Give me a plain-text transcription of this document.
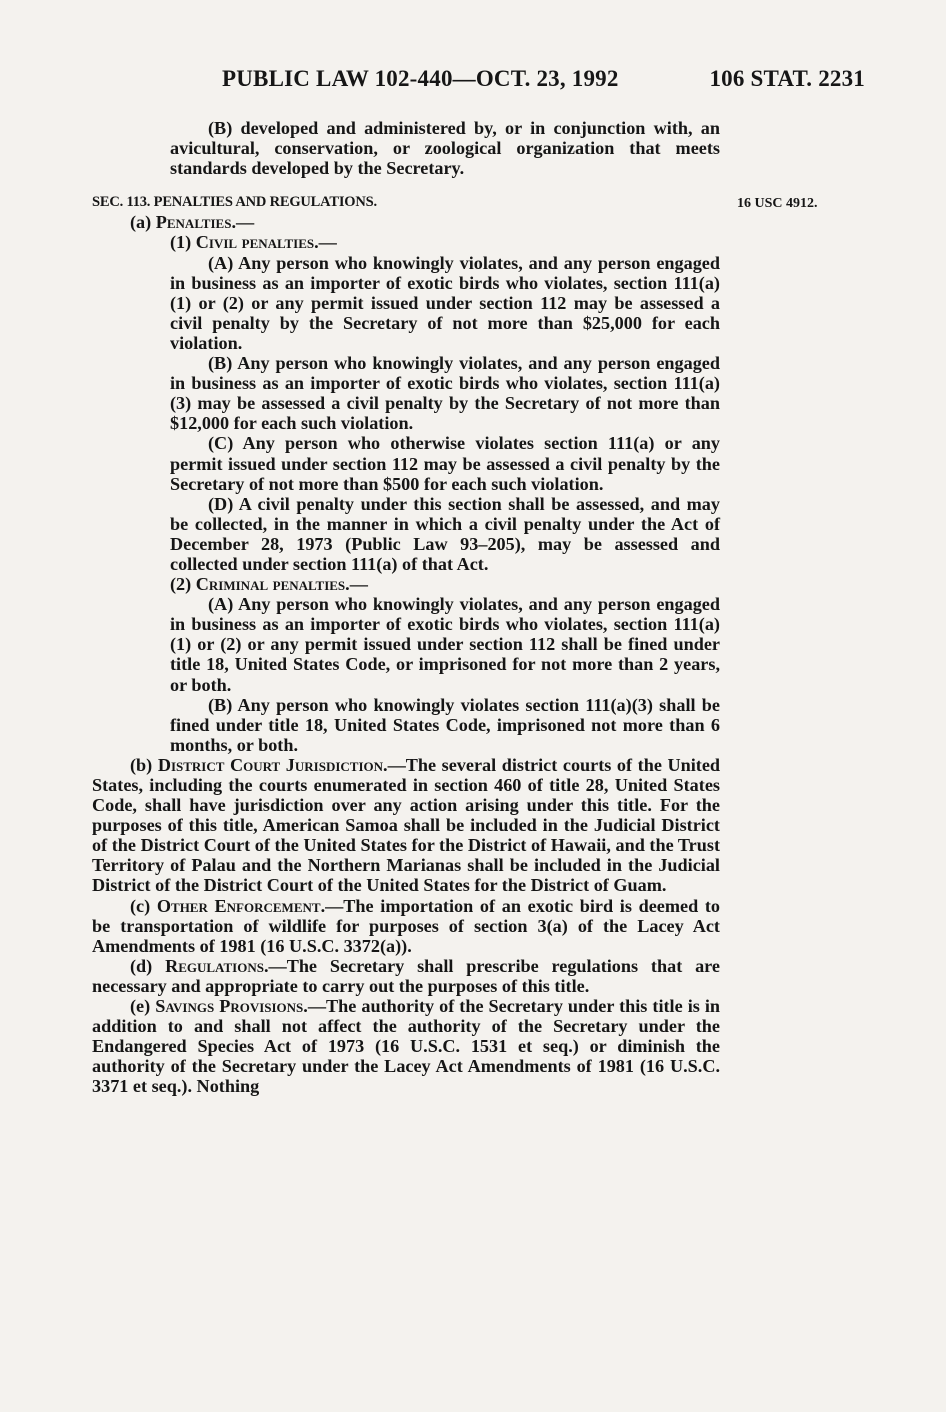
PUBLIC LAW 102-440—OCT. 23, 1992	106 STAT. 2231
16 USC 4912.

(B) developed and administered by, or in conjunction with, an avicultural, conservation, or zoological organization that meets standards developed by the Secretary.

SEC. 113. PENALTIES AND REGULATIONS.

(a) Penalties.—

(1) Civil penalties.—

(A) Any person who knowingly violates, and any person engaged in business as an importer of exotic birds who violates, section 111(a) (1) or (2) or any permit issued under section 112 may be assessed a civil penalty by the Secretary of not more than $25,000 for each violation.

(B) Any person who knowingly violates, and any person engaged in business as an importer of exotic birds who violates, section 111(a)(3) may be assessed a civil penalty by the Secretary of not more than $12,000 for each such violation.

(C) Any person who otherwise violates section 111(a) or any permit issued under section 112 may be assessed a civil penalty by the Secretary of not more than $500 for each such violation.

(D) A civil penalty under this section shall be assessed, and may be collected, in the manner in which a civil penalty under the Act of December 28, 1973 (Public Law 93–205), may be assessed and collected under section 111(a) of that Act.

(2) Criminal penalties.—

(A) Any person who knowingly violates, and any person engaged in business as an importer of exotic birds who violates, section 111(a) (1) or (2) or any permit issued under section 112 shall be fined under title 18, United States Code, or imprisoned for not more than 2 years, or both.

(B) Any person who knowingly violates section 111(a)(3) shall be fined under title 18, United States Code, imprisoned not more than 6 months, or both.

(b) District Court Jurisdiction.—The several district courts of the United States, including the courts enumerated in section 460 of title 28, United States Code, shall have jurisdiction over any action arising under this title. For the purposes of this title, American Samoa shall be included in the Judicial District of the District Court of the United States for the District of Hawaii, and the Trust Territory of Palau and the Northern Marianas shall be included in the Judicial District of the District Court of the United States for the District of Guam.

(c) Other Enforcement.—The importation of an exotic bird is deemed to be transportation of wildlife for purposes of section 3(a) of the Lacey Act Amendments of 1981 (16 U.S.C. 3372(a)).

(d) Regulations.—The Secretary shall prescribe regulations that are necessary and appropriate to carry out the purposes of this title.

(e) Savings Provisions.—The authority of the Secretary under this title is in addition to and shall not affect the authority of the Secretary under the Endangered Species Act of 1973 (16 U.S.C. 1531 et seq.) or diminish the authority of the Secretary under the Lacey Act Amendments of 1981 (16 U.S.C. 3371 et seq.). Nothing
